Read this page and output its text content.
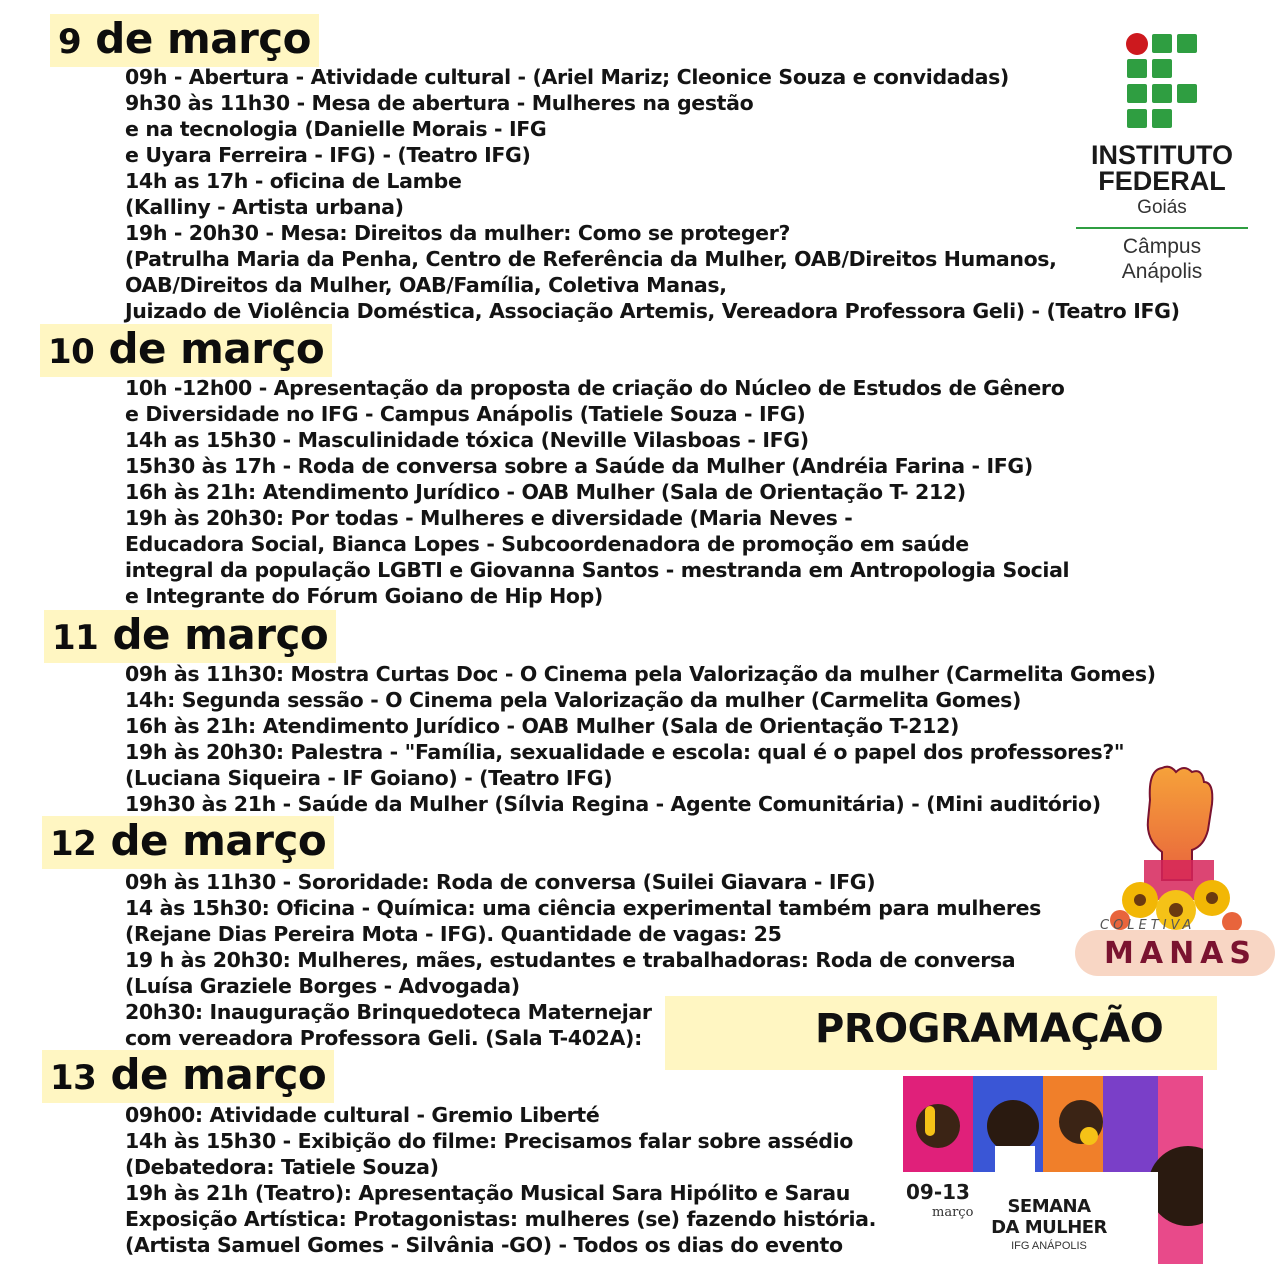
9 de março
09h - Abertura - Atividade cultural - (Ariel Mariz; Cleonice Souza e convidadas)
9h30 às 11h30 - Mesa de abertura - Mulheres na gestão
e na tecnologia (Danielle Morais - IFG
e Uyara Ferreira - IFG) - (Teatro IFG)
14h as 17h - oficina de Lambe
(Kalliny - Artista urbana)
19h - 20h30 - Mesa: Direitos da mulher: Como se proteger?
(Patrulha Maria da Penha, Centro de Referência da Mulher, OAB/Direitos Humanos,
OAB/Direitos da Mulher, OAB/Família, Coletiva Manas,
Juizado de Violência Doméstica, Associação Artemis, Vereadora Professora Geli) - (Teatro IFG)
10 de março
10h -12h00 - Apresentação da proposta de criação do Núcleo de Estudos de Gênero
e Diversidade no IFG - Campus Anápolis (Tatiele Souza - IFG)
14h as 15h30 - Masculinidade tóxica (Neville Vilasboas - IFG)
15h30 às 17h - Roda de conversa sobre a Saúde da Mulher (Andréia Farina - IFG)
16h às 21h: Atendimento Jurídico - OAB Mulher (Sala de Orientação T- 212)
19h às 20h30: Por todas - Mulheres e diversidade (Maria Neves -
Educadora Social, Bianca Lopes - Subcoordenadora de promoção em saúde
integral da população LGBTI e Giovanna Santos - mestranda em Antropologia Social
e Integrante do Fórum Goiano de Hip Hop)
11 de março
09h às 11h30: Mostra Curtas Doc - O Cinema pela Valorização da mulher (Carmelita Gomes)
14h: Segunda sessão - O Cinema pela Valorização da mulher (Carmelita Gomes)
16h às 21h: Atendimento Jurídico - OAB Mulher (Sala de Orientação T-212)
19h às 20h30: Palestra - "Família, sexualidade e escola: qual é o papel dos professores?"
(Luciana Siqueira - IF Goiano) - (Teatro IFG)
19h30 às 21h - Saúde da Mulher (Sílvia Regina - Agente Comunitária) - (Mini auditório)
12 de março
09h às 11h30 - Sororidade: Roda de conversa (Suilei Giavara - IFG)
14 às 15h30: Oficina - Química: uma ciência experimental também para mulheres
(Rejane Dias Pereira Mota - IFG). Quantidade de vagas: 25
19 h às 20h30: Mulheres, mães, estudantes e trabalhadoras: Roda de conversa
(Luísa Graziele Borges - Advogada)
20h30: Inauguração Brinquedoteca Maternejar
com vereadora Professora Geli. (Sala T-402A):
13 de março
09h00: Atividade cultural - Gremio Liberté
14h às 15h30 - Exibição do filme: Precisamos falar sobre assédio
(Debatedora: Tatiele Souza)
19h às 21h (Teatro): Apresentação Musical Sara Hipólito e Sarau
Exposição Artística: Protagonistas: mulheres (se) fazendo história.
(Artista Samuel Gomes - Silvânia -GO) - Todos os dias do evento
INSTITUTO
FEDERAL
Goiás
Câmpus
Anápolis
COLETIVA
MANAS
PROGRAMAÇÃO
09-13
março	SEMANA
DA MULHER
IFG ANÁPOLIS
